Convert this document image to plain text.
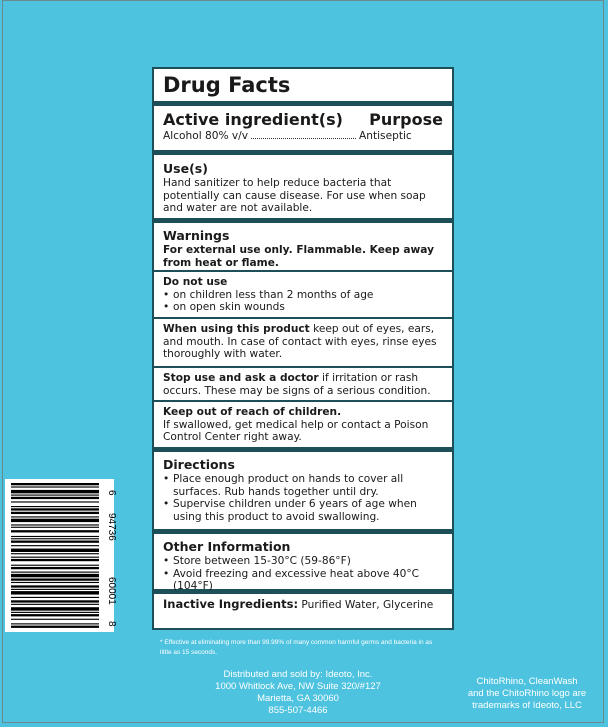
Drug Facts
Active ingredient(s) Purpose
Alcohol 80% v/v	Antiseptic
Use(s)
Hand sanitizer to help reduce bacteria that potentially can cause disease. For use when soap and water are not available.
Warnings
For external use only. Flammable. Keep away from heat or flame.
Do not use
• on children less than 2 months of age
• on open skin wounds
When using this product keep out of eyes, ears, and mouth. In case of contact with eyes, rinse eyes thoroughly with water.
Stop use and ask a doctor if irritation or rash occurs. These may be signs of a serious condition.
Keep out of reach of children.
If swallowed, get medical help or contact a Poison Control Center right away.
Directions
• Place enough product on hands to cover all surfaces. Rub hands together until dry.
• Supervise children under 6 years of age when using this product to avoid swallowing.
Other Information
• Store between 15-30°C (59-86°F)
• Avoid freezing and excessive heat above 40°C (104°F)
Inactive Ingredients: Purified Water, Glycerine
* Effective at eliminating more than 99.99% of many common harmful germs and bacteria in as little as 15 seconds.
Distributed and sold by: Ideoto, Inc.
1000 Whitlock Ave, NW Suite 320/#127
Marietta, GA 30060
855-507-4466
ChitoRhino, CleanWash
and the ChitoRhino logo are
trademarks of Ideoto, LLC
6
94736
60001
8
